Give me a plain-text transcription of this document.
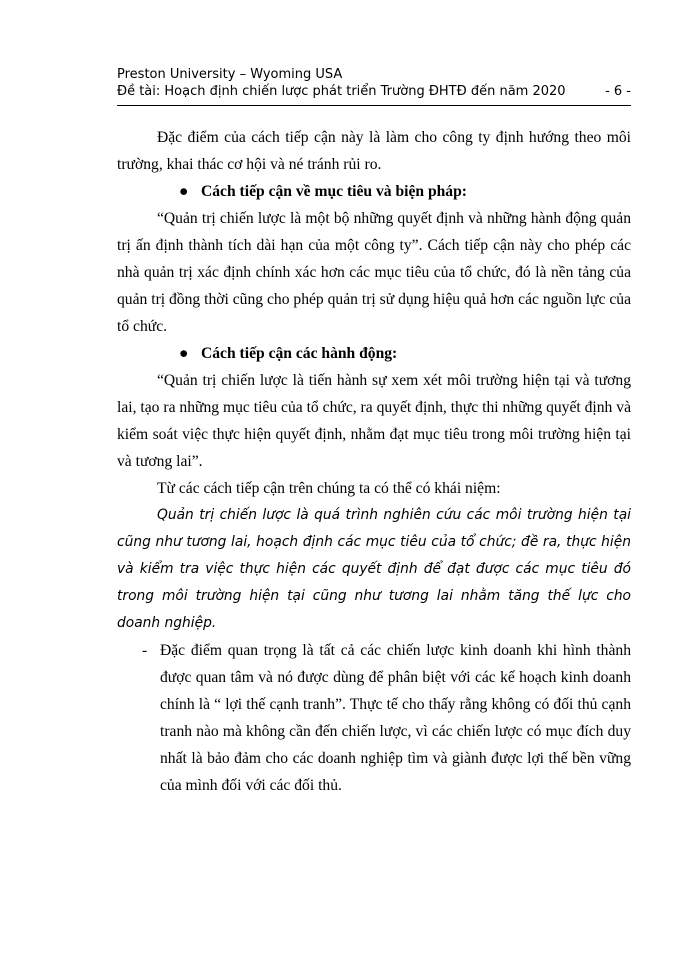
Preston University – Wyoming USA
Đề tài: Hoạch định chiến lược phát triển Trường ĐHTĐ đến năm 2020	- 6 -

Đặc điểm của cách tiếp cận này là làm cho công ty định hướng theo môi trường, khai thác cơ hội và né tránh rủi ro.

● Cách tiếp cận về mục tiêu và biện pháp:

“Quản trị chiến lược là một bộ những quyết định và những hành động quản trị ấn định thành tích dài hạn của một công ty”. Cách tiếp cận này cho phép các nhà quản trị xác định chính xác hơn các mục tiêu của tổ chức, đó là nền tảng của quản trị đồng thời cũng cho phép quản trị sử dụng hiệu quả hơn các nguồn lực của tổ chức.

● Cách tiếp cận các hành động:

“Quản trị chiến lược là tiến hành sự xem xét môi trường hiện tại và tương lai, tạo ra những mục tiêu của tổ chức, ra quyết định, thực thi những quyết định và kiểm soát việc thực hiện quyết định, nhằm đạt mục tiêu trong môi trường hiện tại và tương lai”.

Từ các cách tiếp cận trên chúng ta có thể có khái niệm:

Quản trị chiến lược là quá trình nghiên cứu các môi trường hiện tại cũng như tương lai, hoạch định các mục tiêu của tổ chức; đề ra, thực hiện và kiểm tra việc thực hiện các quyết định để đạt được các mục tiêu đó trong môi trường hiện tại cũng như tương lai nhằm tăng thế lực cho doanh nghiệp.

- Đặc điểm quan trọng là tất cả các chiến lược kinh doanh khi hình thành được quan tâm và nó được dùng để phân biệt với các kế hoạch kinh doanh chính là “ lợi thế cạnh tranh”. Thực tế cho thấy rằng không có đối thủ cạnh tranh nào mà không cần đến chiến lược, vì các chiến lược có mục đích duy nhất là bảo đảm cho các doanh nghiệp tìm và giành được lợi thế bền vững của mình đối với các đối thủ.
